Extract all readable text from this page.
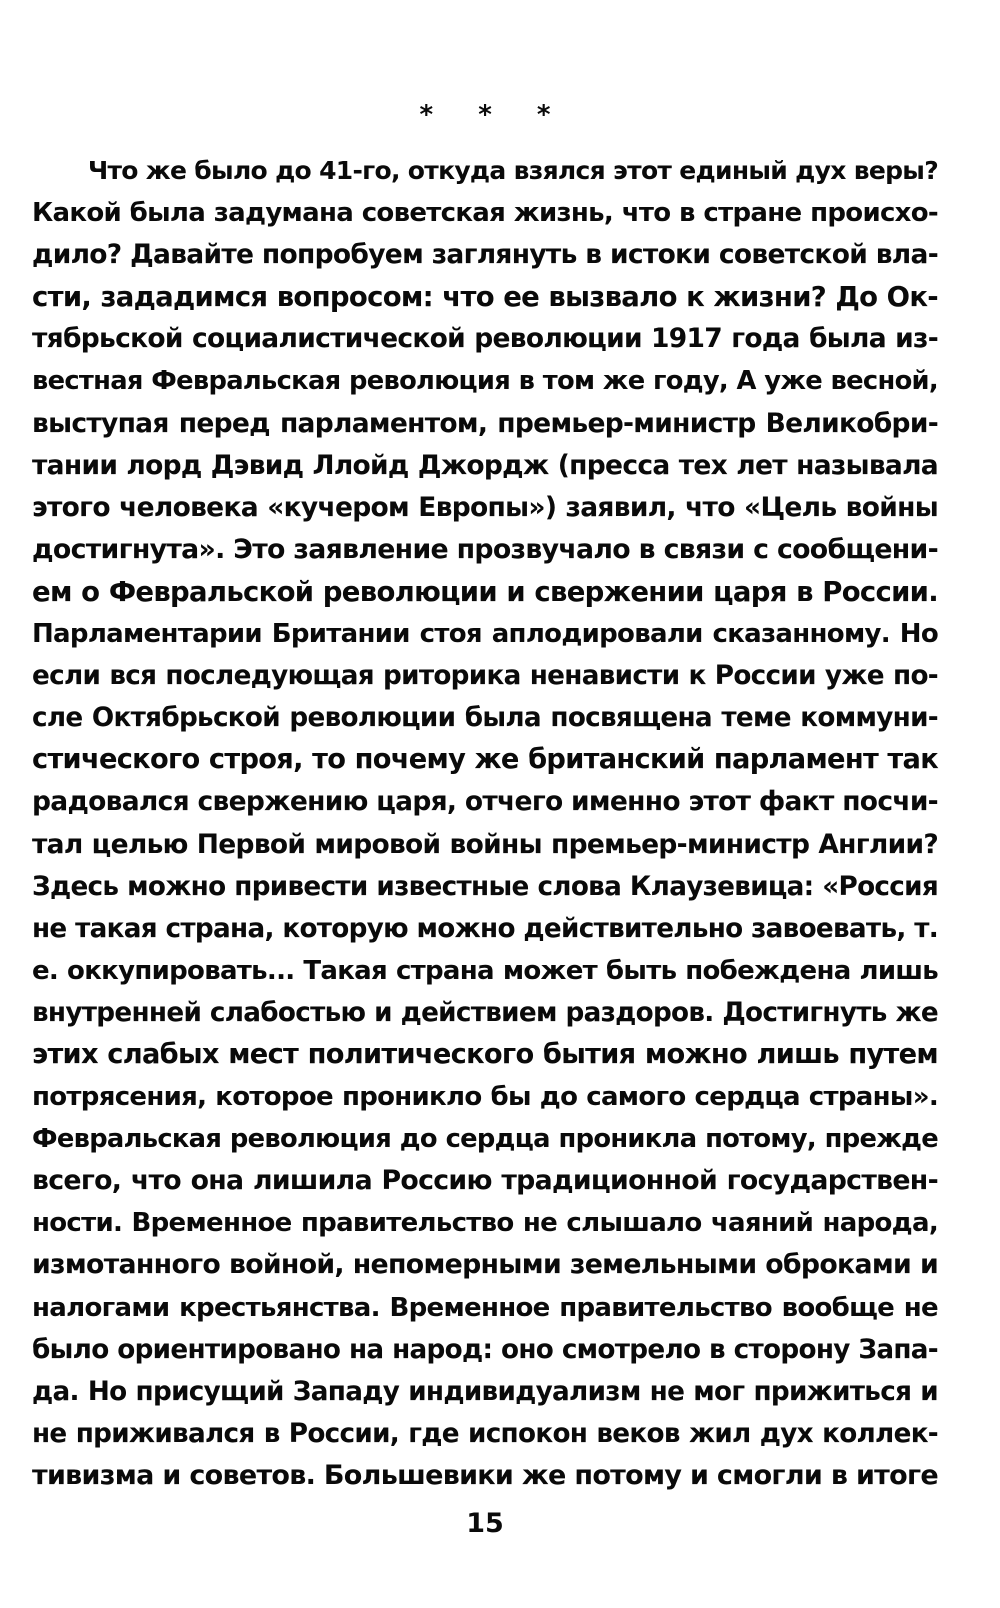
* * *
Что же было до 41-го, откуда взялся этот единый дух веры?
Какой была задумана советская жизнь, что в стране происхо-
дило? Давайте попробуем заглянуть в истоки советской вла-
сти, зададимся вопросом: что ее вызвало к жизни? До Ок-
тябрьской социалистической революции 1917 года была из-
вестная Февральская революция в том же году, А уже весной,
выступая перед парламентом, премьер-министр Великобри-
тании лорд Дэвид Ллойд Джордж (пресса тех лет называла
этого человека «кучером Европы») заявил, что «Цель войны
достигнута». Это заявление прозвучало в связи с сообщени-
ем о Февральской революции и свержении царя в России.
Парламентарии Британии стоя аплодировали сказанному. Но
если вся последующая риторика ненависти к России уже по-
сле Октябрьской революции была посвящена теме коммуни-
стического строя, то почему же британский парламент так
радовался свержению царя, отчего именно этот факт посчи-
тал целью Первой мировой войны премьер-министр Англии?
Здесь можно привести известные слова Клаузевица: «Россия
не такая страна, которую можно действительно завоевать, т.
е. оккупировать... Такая страна может быть побеждена лишь
внутренней слабостью и действием раздоров. Достигнуть же
этих слабых мест политического бытия можно лишь путем
потрясения, которое проникло бы до самого сердца страны».
Февральская революция до сердца проникла потому, прежде
всего, что она лишила Россию традиционной государствен-
ности. Временное правительство не слышало чаяний народа,
измотанного войной, непомерными земельными оброками и
налогами крестьянства. Временное правительство вообще не
было ориентировано на народ: оно смотрело в сторону Запа-
да. Но присущий Западу индивидуализм не мог прижиться и
не приживался в России, где испокон веков жил дух коллек-
тивизма и советов. Большевики же потому и смогли в итоге
15
